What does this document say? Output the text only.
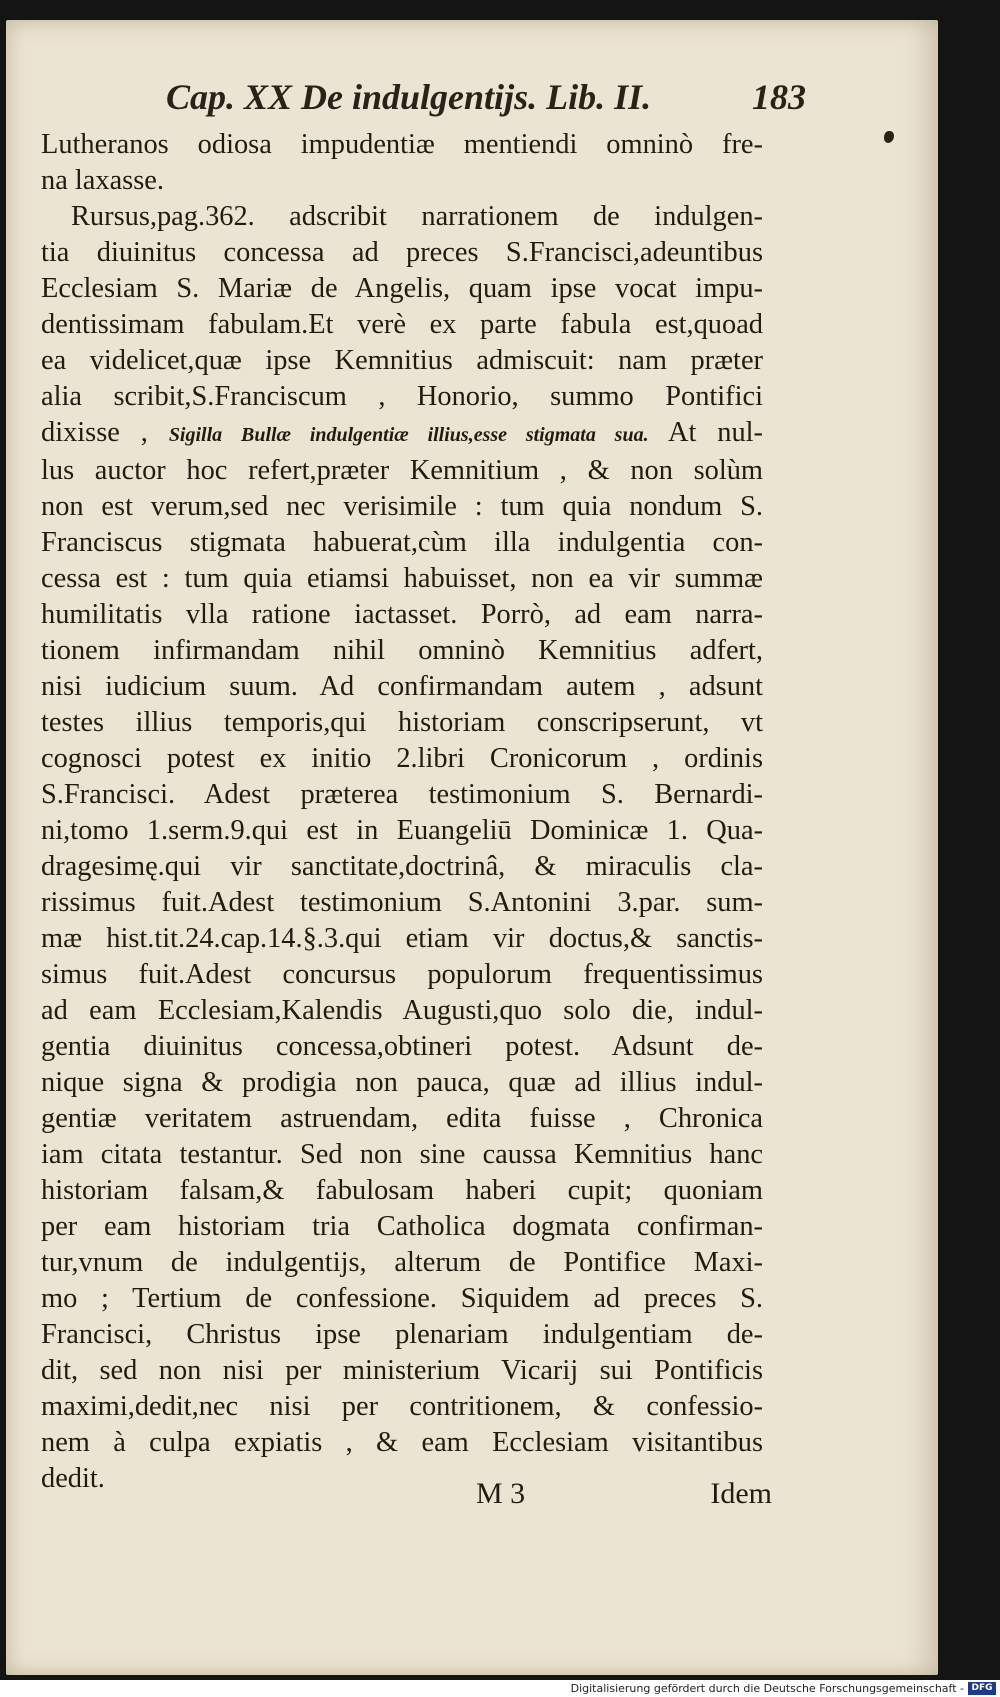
Cap. XX De indulgentijs. Lib. II.	183
Lutheranos odiosa impudentiæ mentiendi omninò fre-
na laxasse.
Rursus,pag.362. adscribit narrationem de indulgen-
tia diuinitus concessa ad preces S.Francisci,adeuntibus
Ecclesiam S. Mariæ de Angelis, quam ipse vocat impu-
dentissimam fabulam.Et verè ex parte fabula est,quoad
ea videlicet,quæ ipse Kemnitius admiscuit: nam præter
alia scribit,S.Franciscum , Honorio, summo Pontifici
dixisse , Sigilla Bullæ indulgentiæ illius,esse stigmata sua. At nul-
lus auctor hoc refert,præter Kemnitium , & non solùm
non est verum,sed nec verisimile : tum quia nondum S.
Franciscus stigmata habuerat,cùm illa indulgentia con-
cessa est : tum quia etiamsi habuisset, non ea vir summæ
humilitatis vlla ratione iactasset. Porrò, ad eam narra-
tionem infirmandam nihil omninò Kemnitius adfert,
nisi iudicium suum. Ad confirmandam autem , adsunt
testes illius temporis,qui historiam conscripserunt, vt
cognosci potest ex initio 2.libri Cronicorum , ordinis
S.Francisci. Adest præterea testimonium S. Bernardi-
ni,tomo 1.serm.9.qui est in Euangeliū Dominicæ 1. Qua-
dragesimę.qui vir sanctitate,doctrinâ, & miraculis cla-
rissimus fuit.Adest testimonium S.Antonini 3.par. sum-
mæ hist.tit.24.cap.14.§.3.qui etiam vir doctus,& sanctis-
simus fuit.Adest concursus populorum frequentissimus
ad eam Ecclesiam,Kalendis Augusti,quo solo die, indul-
gentia diuinitus concessa,obtineri potest. Adsunt de-
nique signa & prodigia non pauca, quæ ad illius indul-
gentiæ veritatem astruendam, edita fuisse , Chronica
iam citata testantur. Sed non sine caussa Kemnitius hanc
historiam falsam,& fabulosam haberi cupit; quoniam
per eam historiam tria Catholica dogmata confirman-
tur,vnum de indulgentijs, alterum de Pontifice Maxi-
mo ; Tertium de confessione. Siquidem ad preces S.
Francisci, Christus ipse plenariam indulgentiam de-
dit, sed non nisi per ministerium Vicarij sui Pontificis
maximi,dedit,nec nisi per contritionem, & confessio-
nem à culpa expiatis , & eam Ecclesiam visitantibus
dedit.	M 3	Idem
Digitalisierung gefördert durch die Deutsche Forschungsgemeinschaft - DFG
